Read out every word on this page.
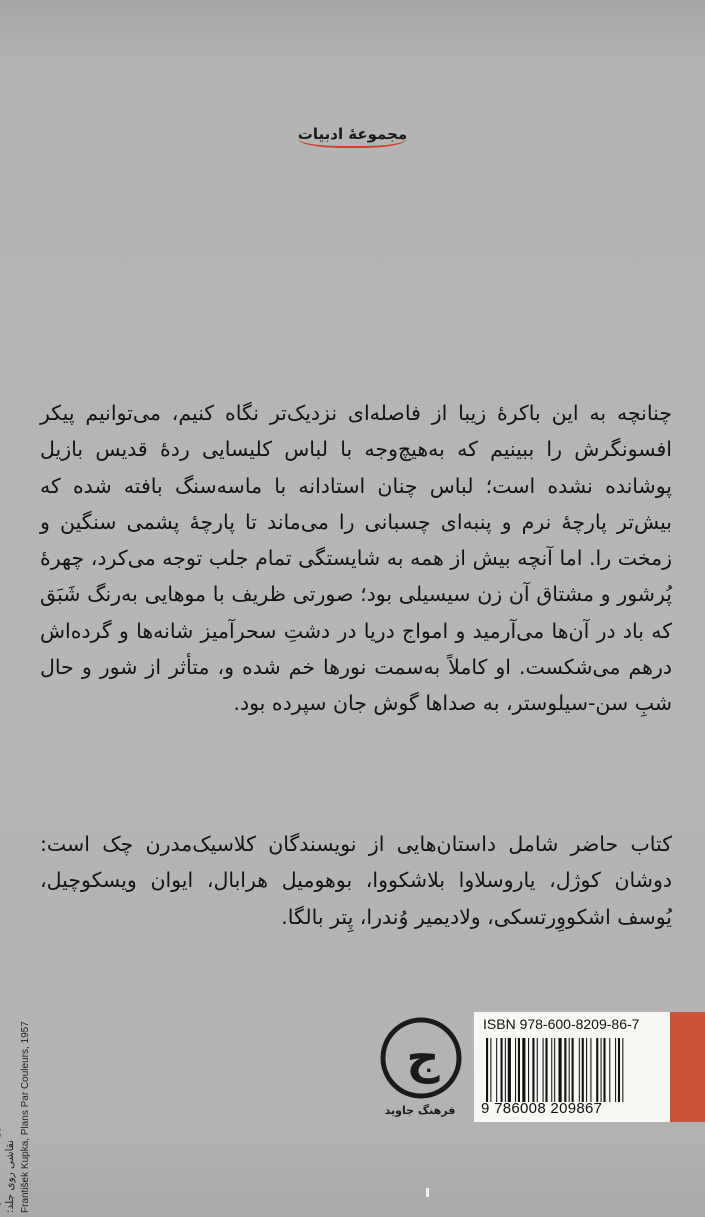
مجموعهٔ ادبیات

چنانچه به این باکرهٔ زیبا از فاصله‌ای نزدیک‌تر نگاه کنیم، می‌توانیم پیکر افسونگرش را ببینیم که به‌هیچ‌وجه با لباس کلیسایی ردهٔ قدیس بازیل پوشانده نشده است؛ لباس چنان استادانه با ماسه‌سنگ بافته شده که بیش‌تر پارچهٔ نرم و پنبه‌ای چسبانی را می‌ماند تا پارچهٔ پشمی سنگین و زمخت را. اما آنچه بیش از همه به شایستگی تمام جلب توجه می‌کرد، چهرهٔ پُرشور و مشتاق آن زن سیسیلی بود؛ صورتی ظریف با موهایی به‌رنگ شَبَق که باد در آن‌ها می‌آرمید و امواج دریا در دشتِ سحرآمیز شانه‌ها و گرده‌اش درهم می‌شکست. او کاملاً به‌سمت نورها خم شده و، متأثر از شور و حال شبِ سن-سیلوستر، به صداها گوش جان سپرده بود.

کتاب حاضر شامل داستان‌هایی از نویسندگان کلاسیک‌مدرن چک است: دوشان کوژل، یاروسلاوا بلاشکووا، بوهومیل هرابال، ایوان ویسکوچیل، یُوسف اشکووِرتسکی، ولادیمیر وُندرا، پِتر بالگا.

ج
فرهنگ جاوید
ISBN 978-600-8209-86-7
9 786008 209867
نقاشی روی جلد: František Kupka, Plans Par Couleurs, 1957
